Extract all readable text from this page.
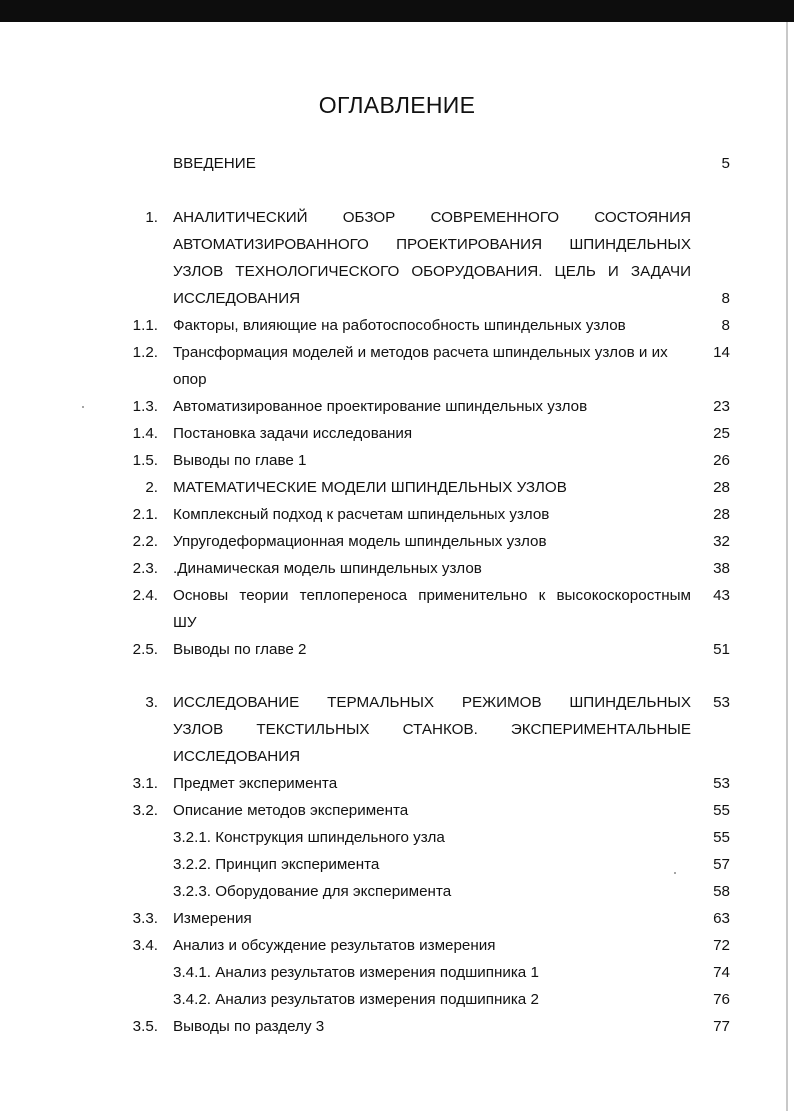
ОГЛАВЛЕНИЕ
ВВЕДЕНИЕ	5
1. АНАЛИТИЧЕСКИЙ ОБЗОР СОВРЕМЕННОГО СОСТОЯНИЯ
АВТОМАТИЗИРОВАННОГО ПРОЕКТИРОВАНИЯ ШПИНДЕЛЬНЫХ
УЗЛОВ ТЕХНОЛОГИЧЕСКОГО ОБОРУДОВАНИЯ. ЦЕЛЬ И ЗАДАЧИ
ИССЛЕДОВАНИЯ	8
1.1. Факторы, влияющие на работоспособность шпиндельных узлов	8
1.2. Трансформация моделей и методов расчета шпиндельных узлов и их	14
опор
1.3. Автоматизированное проектирование шпиндельных узлов	23
1.4. Постановка задачи исследования	25
1.5. Выводы по главе 1	26
2. МАТЕМАТИЧЕСКИЕ МОДЕЛИ ШПИНДЕЛЬНЫХ УЗЛОВ	28
2.1. Комплексный подход к расчетам шпиндельных узлов	28
2.2. Упругодеформационная модель шпиндельных узлов	32
2.3. .Динамическая модель шпиндельных узлов	38
2.4. Основы теории теплопереноса применительно к высокоскоростным	43
ШУ
2.5. Выводы по главе 2	51
3. ИССЛЕДОВАНИЕ ТЕРМАЛЬНЫХ РЕЖИМОВ ШПИНДЕЛЬНЫХ	53
УЗЛОВ ТЕКСТИЛЬНЫХ СТАНКОВ. ЭКСПЕРИМЕНТАЛЬНЫЕ
ИССЛЕДОВАНИЯ
3.1. Предмет эксперимента	53
3.2. Описание методов эксперимента	55
3.2.1. Конструкция шпиндельного узла	55
3.2.2. Принцип эксперимента	57
3.2.3. Оборудование для эксперимента	58
3.3. Измерения	63
3.4. Анализ и обсуждение результатов измерения	72
3.4.1. Анализ результатов измерения подшипника 1	74
3.4.2. Анализ результатов измерения подшипника 2	76
3.5. Выводы по разделу 3	77
